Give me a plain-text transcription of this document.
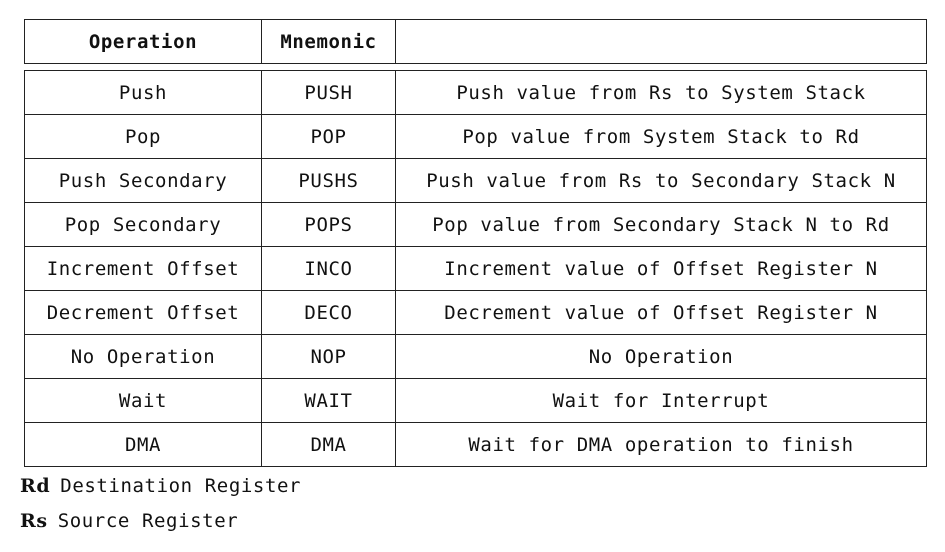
Operation	Mnemonic	
Push	PUSH	Push value from Rs to System Stack
Pop	POP	Pop value from System Stack to Rd
Push Secondary	PUSHS	Push value from Rs to Secondary Stack N
Pop Secondary	POPS	Pop value from Secondary Stack N to Rd
Increment Offset	INCO	Increment value of Offset Register N
Decrement Offset	DECO	Decrement value of Offset Register N
No Operation	NOP	No Operation
Wait	WAIT	Wait for Interrupt
DMA	DMA	Wait for DMA operation to finish
Rd Destination Register
Rs Source Register
